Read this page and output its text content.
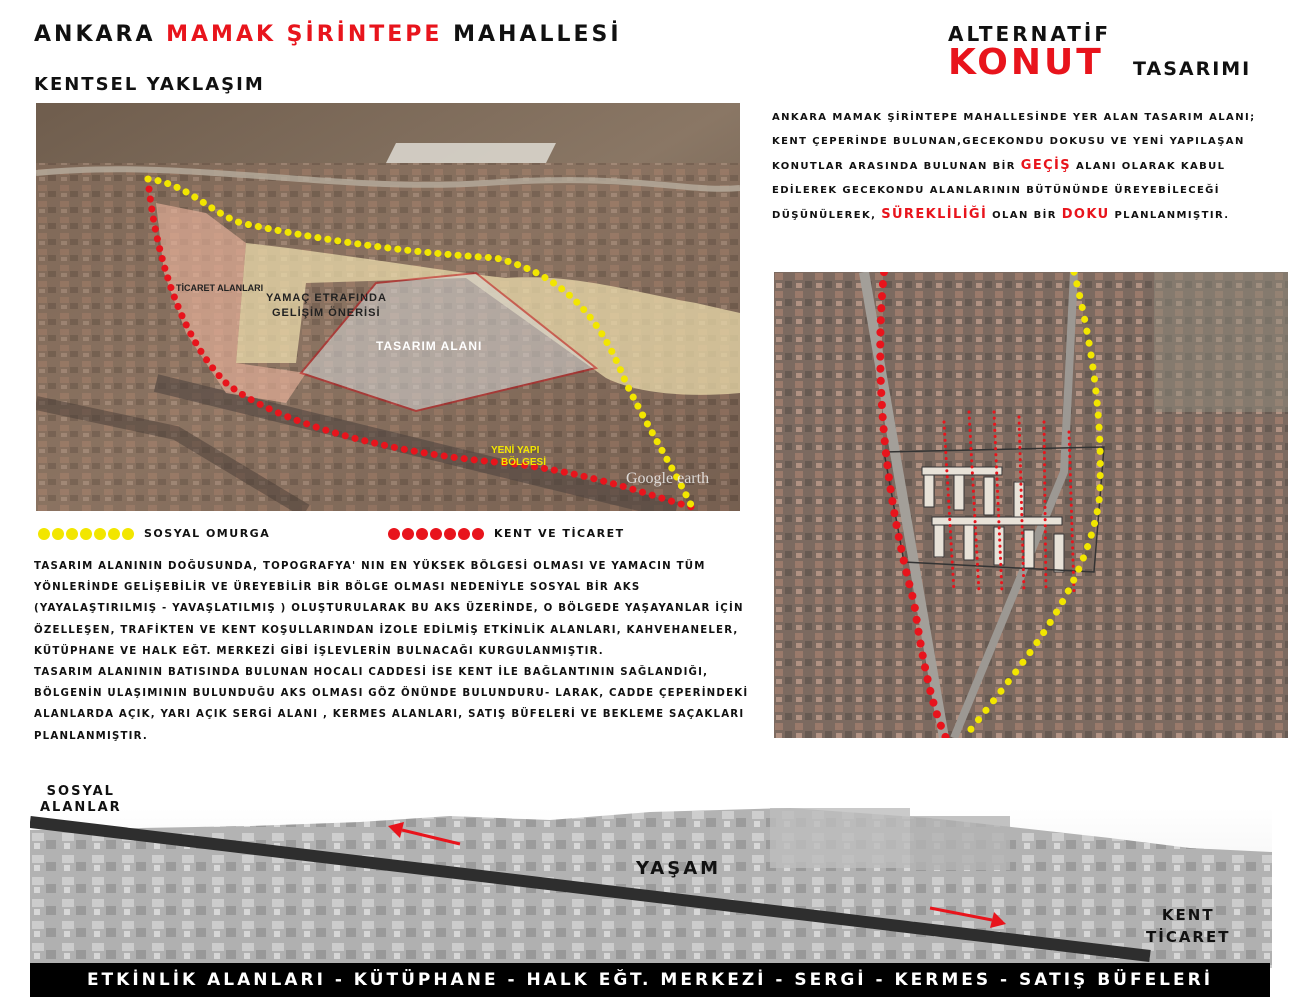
ANKARA MAMAK ŞİRİNTEPE MAHALLESİ
KENTSEL YAKLAŞIM
ALTERNATİF
KONUT TASARIMI
ANKARA MAMAK ŞİRİNTEPE MAHALLESİNDE YER ALAN TASARIM ALANI; KENT ÇEPERİNDE BULUNAN,GECEKONDU DOKUSU VE YENİ YAPILAŞAN KONUTLAR ARASINDA BULUNAN BİR GEÇİŞ ALANI OLARAK KABUL EDİLEREK GECEKONDU ALANLARININ BÜTÜNÜNDE ÜREYEBİLECEĞİ DÜŞÜNÜLEREK, SÜREKLİLİĞİ OLAN BİR DOKU PLANLANMIŞTIR.
TİCARET ALANLARI
YAMAÇ ETRAFINDA
GELİŞİM ÖNERİSİ
TASARIM ALANI
YENİ YAPI
BÖLGESİ
Google earth
SOSYAL OMURGA	KENT VE TİCARET

TASARIM ALANININ DOĞUSUNDA, TOPOGRAFYA' NIN EN YÜKSEK BÖLGESİ OLMASI VE YAMACIN TÜM YÖNLERİNDE GELİŞEBİLİR VE ÜREYEBİLİR BİR BÖLGE OLMASI NEDENİYLE SOSYAL BİR AKS (YAYALAŞTIRILMIŞ - YAVAŞLATILMIŞ ) OLUŞTURULARAK BU AKS ÜZERİNDE, O BÖLGEDE YAŞAYANLAR İÇİN ÖZELLEŞEN, TRAFİKTEN VE KENT KOŞULLARINDAN İZOLE EDİLMİŞ ETKİNLİK ALANLARI, KAHVEHANELER, KÜTÜPHANE VE HALK EĞT. MERKEZİ GİBİ İŞLEVLERİN BULNACAĞI KURGULANMIŞTIR.

TASARIM ALANININ BATISINDA BULUNAN HOCALI CADDESİ İSE KENT İLE BAĞLANTININ SAĞLANDIĞI, BÖLGENİN ULAŞIMININ BULUNDUĞU AKS OLMASI GÖZ ÖNÜNDE BULUNDURU- LARAK, CADDE ÇEPERİNDEKİ ALANLARDA AÇIK, YARI AÇIK SERGİ ALANI , KERMES ALANLARI, SATIŞ BÜFELERİ VE BEKLEME SAÇAKLARI PLANLANMIŞTIR.

SOSYAL
ALANLAR
YAŞAM
KENT
TİCARET
ETKİNLİK ALANLARI - KÜTÜPHANE - HALK EĞT. MERKEZİ - SERGİ - KERMES - SATIŞ BÜFELERİ
